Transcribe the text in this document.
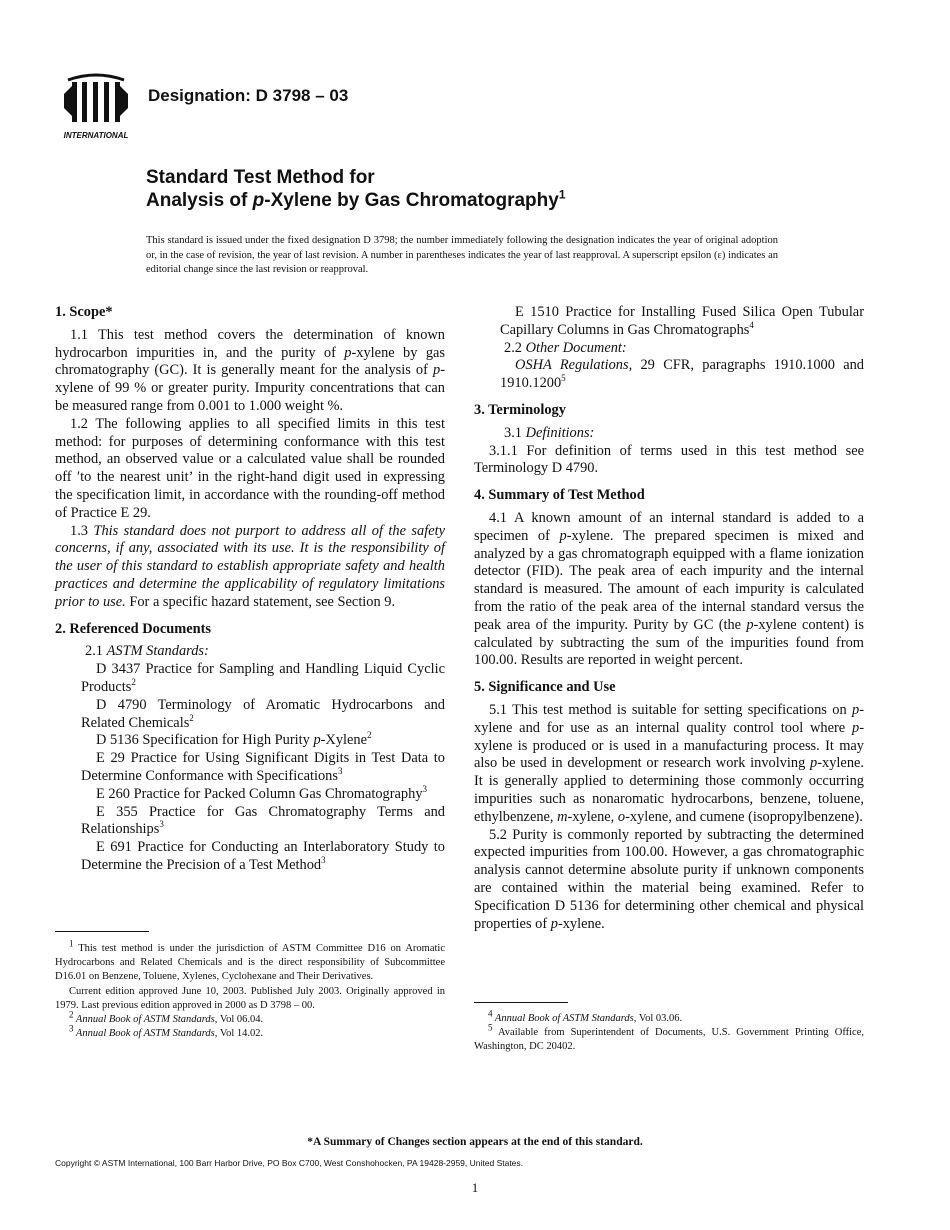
INTERNATIONAL
Designation: D 3798 – 03
Standard Test Method for
Analysis of p-Xylene by Gas Chromatography$^1$
This standard is issued under the fixed designation D 3798; the number immediately following the designation indicates the year of original adoption or, in the case of revision, the year of last revision. A number in parentheses indicates the year of last reapproval. A superscript epsilon (ε) indicates an editorial change since the last revision or reapproval.
1. Scope*

1.1 This test method covers the determination of known hydrocarbon impurities in, and the purity of p-xylene by gas chromatography (GC). It is generally meant for the analysis of p-xylene of 99 % or greater purity. Impurity concentrations that can be measured range from 0.001 to 1.000 weight %.

1.2 The following applies to all specified limits in this test method: for purposes of determining conformance with this test method, an observed value or a calculated value shall be rounded off ′to the nearest unit’ in the right-hand digit used in expressing the specification limit, in accordance with the rounding-off method of Practice E 29.

1.3 This standard does not purport to address all of the safety concerns, if any, associated with its use. It is the responsibility of the user of this standard to establish appropriate safety and health practices and determine the applicability of regulatory limitations prior to use. For a specific hazard statement, see Section 9.

2. Referenced Documents

2.1 ASTM Standards:

D 3437 Practice for Sampling and Handling Liquid Cyclic Products$^2$

D 4790 Terminology of Aromatic Hydrocarbons and Related Chemicals$^2$

D 5136 Specification for High Purity p-Xylene$^2$

E 29 Practice for Using Significant Digits in Test Data to Determine Conformance with Specifications$^3$

E 260 Practice for Packed Column Gas Chromatography$^3$

E 355 Practice for Gas Chromatography Terms and Relationships$^3$

E 691 Practice for Conducting an Interlaboratory Study to Determine the Precision of a Test Method$^3$

E 1510 Practice for Installing Fused Silica Open Tubular Capillary Columns in Gas Chromatographs$^4$

2.2 Other Document:

OSHA Regulations, 29 CFR, paragraphs 1910.1000 and 1910.1200$^5$

3. Terminology

3.1 Definitions:

3.1.1 For definition of terms used in this test method see Terminology D 4790.

4. Summary of Test Method

4.1 A known amount of an internal standard is added to a specimen of p-xylene. The prepared specimen is mixed and analyzed by a gas chromatograph equipped with a flame ionization detector (FID). The peak area of each impurity and the internal standard is measured. The amount of each impurity is calculated from the ratio of the peak area of the internal standard versus the peak area of the impurity. Purity by GC (the p-xylene content) is calculated by subtracting the sum of the impurities found from 100.00. Results are reported in weight percent.

5. Significance and Use

5.1 This test method is suitable for setting specifications on p-xylene and for use as an internal quality control tool where p-xylene is produced or is used in a manufacturing process. It may also be used in development or research work involving p-xylene. It is generally applied to determining those commonly occurring impurities such as nonaromatic hydrocarbons, benzene, toluene, ethylbenzene, m-xylene, o-xylene, and cumene (isopropylbenzene).

5.2 Purity is commonly reported by subtracting the determined expected impurities from 100.00. However, a gas chromatographic analysis cannot determine absolute purity if unknown components are contained within the material being examined. Refer to Specification D 5136 for determining other chemical and physical properties of p-xylene.

$^1$ This test method is under the jurisdiction of ASTM Committee D16 on Aromatic Hydrocarbons and Related Chemicals and is the direct responsibility of Subcommittee D16.01 on Benzene, Toluene, Xylenes, Cyclohexane and Their Derivatives.

Current edition approved June 10, 2003. Published July 2003. Originally approved in 1979. Last previous edition approved in 2000 as D 3798 – 00.

$^2$ Annual Book of ASTM Standards, Vol 06.04.

$^3$ Annual Book of ASTM Standards, Vol 14.02.

$^4$ Annual Book of ASTM Standards, Vol 03.06.

$^5$ Available from Superintendent of Documents, U.S. Government Printing Office, Washington, DC 20402.

*A Summary of Changes section appears at the end of this standard.
Copyright © ASTM International, 100 Barr Harbor Drive, PO Box C700, West Conshohocken, PA 19428-2959, United States.
1
